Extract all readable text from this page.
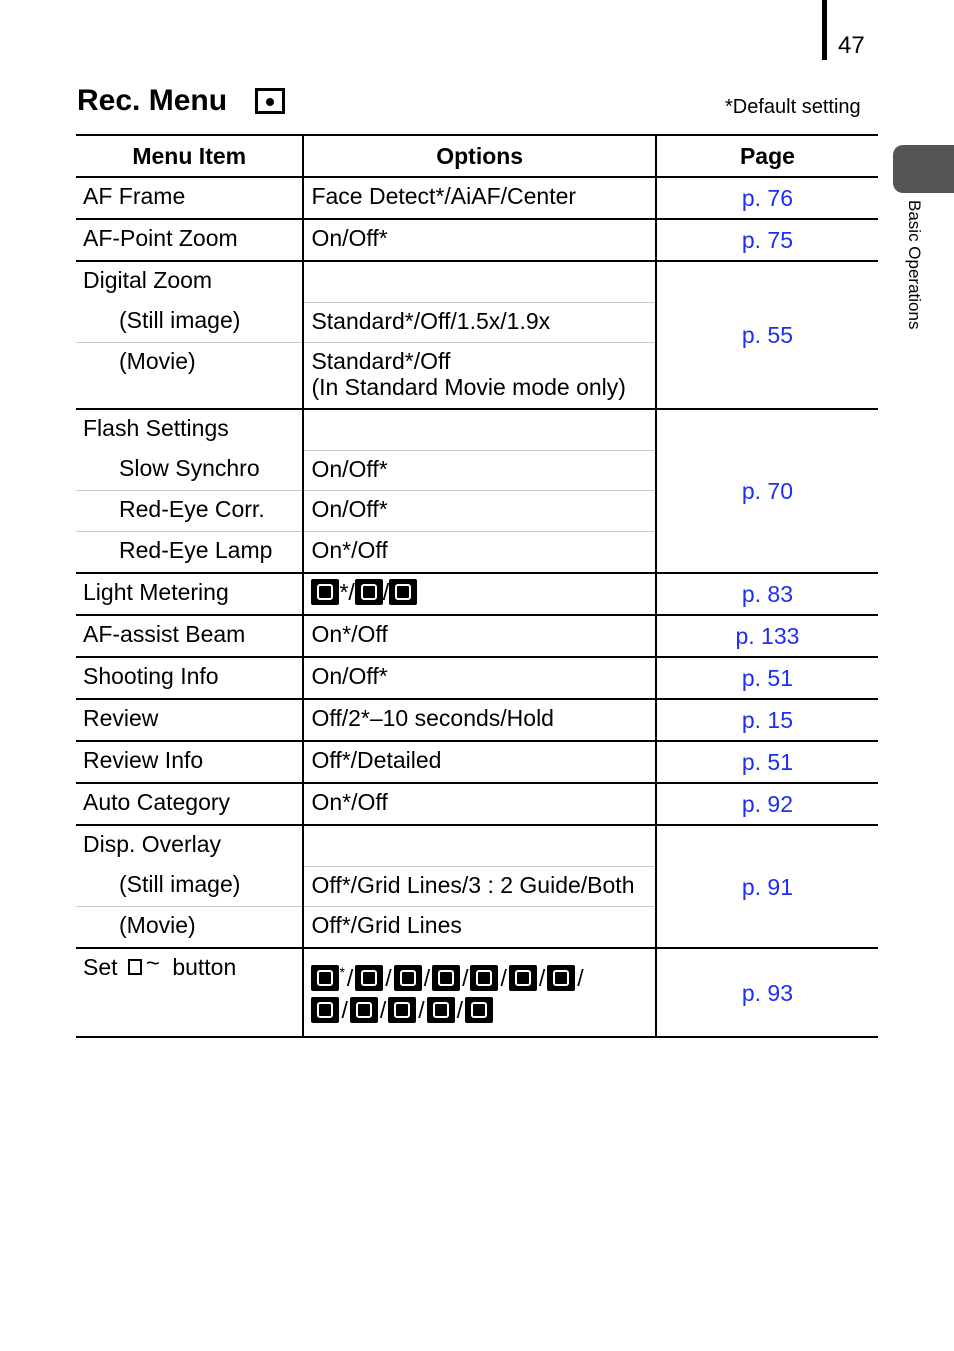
47
Rec. Menu	*Default setting
Basic Operations
Menu Item	Options	Page
AF Frame	Face Detect*/AiAF/Center	p. 76
AF-Point Zoom	On/Off*	p. 75
Digital Zoom		p. 55
(Still image)	Standard*/Off/1.5x/1.9x	
(Movie)	Standard*/Off
(In Standard Movie mode only)	

Flash Settings		p. 70
Slow Synchro	On/Off*	
Red-Eye Corr.	On/Off*	
Red-Eye Lamp	On*/Off	
Light Metering	*/ /	p. 83
AF-assist Beam	On*/Off	p. 133
Shooting Info	On/Off*	p. 51
Review	Off/2*–10 seconds/Hold	p. 15
Review Info	Off*/Detailed	p. 51
Auto Category	On*/Off	p. 92
Disp. Overlay		p. 91
(Still image)	Off*/Grid Lines/3 : 2 Guide/Both	
(Movie)	Off*/Grid Lines	
Set ~ button	*/ / / / / / /
/ / / /	p. 93
